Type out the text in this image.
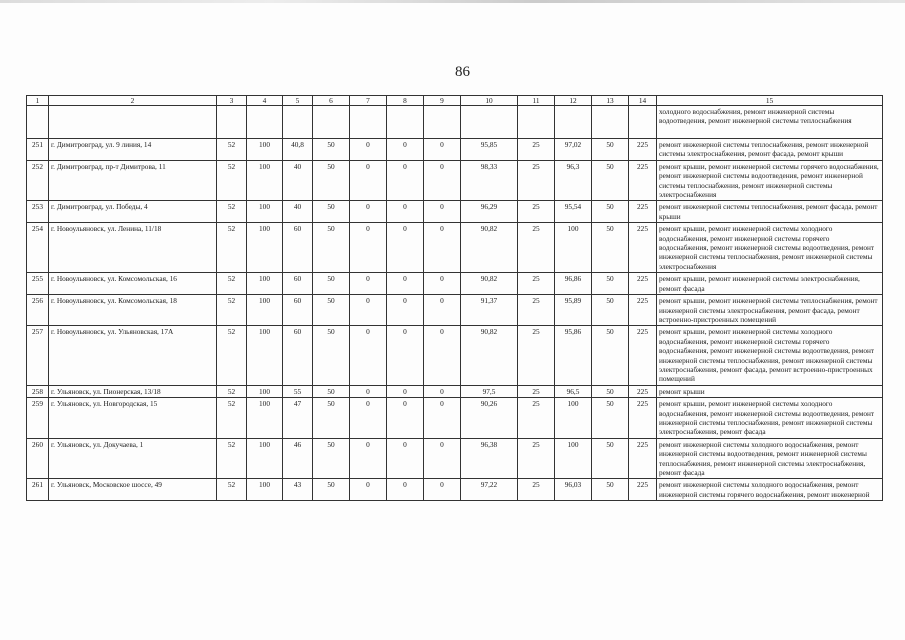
86
1	2	3	4	5	6	7	8	9	10	11	12	13	14	15
														холодного водоснабжения, ремонт инженерной системы водоотведения, ремонт инженерной системы теплоснабжения
251	г. Димитровград, ул. 9 линия, 14	52	100	40,8	50	0	0	0	95,85	25	97,02	50	225	ремонт инженерной системы теплоснабжения, ремонт инженерной системы электроснабжения, ремонт фасада, ремонт крыши
252	г. Димитровград, пр-т Димитрова, 11	52	100	40	50	0	0	0	98,33	25	96,3	50	225	ремонт крыши, ремонт инженерной системы горячего водоснабжения, ремонт инженерной системы водоотведения, ремонт инженерной системы теплоснабжения, ремонт инженерной системы электроснабжения
253	г. Димитровград, ул. Победы, 4	52	100	40	50	0	0	0	96,29	25	95,54	50	225	ремонт инженерной системы теплоснабжения, ремонт фасада, ремонт крыши
254	г. Новоульяновск, ул. Ленина, 11/18	52	100	60	50	0	0	0	90,82	25	100	50	225	ремонт крыши, ремонт инженерной системы холодного водоснабжения, ремонт инженерной системы горячего водоснабжения, ремонт инженерной системы водоотведения, ремонт инженерной системы теплоснабжения, ремонт инженерной системы электроснабжения
255	г. Новоульяновск, ул. Комсомольская, 16	52	100	60	50	0	0	0	90,82	25	96,86	50	225	ремонт крыши, ремонт инженерной системы электроснабжения, ремонт фасада
256	г. Новоульяновск, ул. Комсомольская, 18	52	100	60	50	0	0	0	91,37	25	95,89	50	225	ремонт крыши, ремонт инженерной системы теплоснабжения, ремонт инженерной системы электроснабжения, ремонт фасада, ремонт встроенно-пристроенных помещений
257	г. Новоульяновск, ул. Ульяновская, 17А	52	100	60	50	0	0	0	90,82	25	95,86	50	225	ремонт крыши, ремонт инженерной системы холодного водоснабжения, ремонт инженерной системы горячего водоснабжения, ремонт инженерной системы водоотведения, ремонт инженерной системы теплоснабжения, ремонт инженерной системы электроснабжения, ремонт фасада, ремонт встроенно-пристроенных помещений
258	г. Ульяновск, ул. Пионерская, 13/18	52	100	55	50	0	0	0	97,5	25	96,5	50	225	ремонт крыши
259	г. Ульяновск, ул. Новгородская, 15	52	100	47	50	0	0	0	90,26	25	100	50	225	ремонт крыши, ремонт инженерной системы холодного водоснабжения, ремонт инженерной системы водоотведения, ремонт инженерной системы теплоснабжения, ремонт инженерной системы электроснабжения, ремонт фасада
260	г. Ульяновск, ул. Докучаева, 1	52	100	46	50	0	0	0	96,38	25	100	50	225	ремонт инженерной системы холодного водоснабжения, ремонт инженерной системы водоотведения, ремонт инженерной системы теплоснабжения, ремонт инженерной системы электроснабжения, ремонт фасада
261	г. Ульяновск, Московское шоссе, 49	52	100	43	50	0	0	0	97,22	25	96,03	50	225	ремонт инженерной системы холодного водоснабжения, ремонт инженерной системы горячего водоснабжения, ремонт инженерной
